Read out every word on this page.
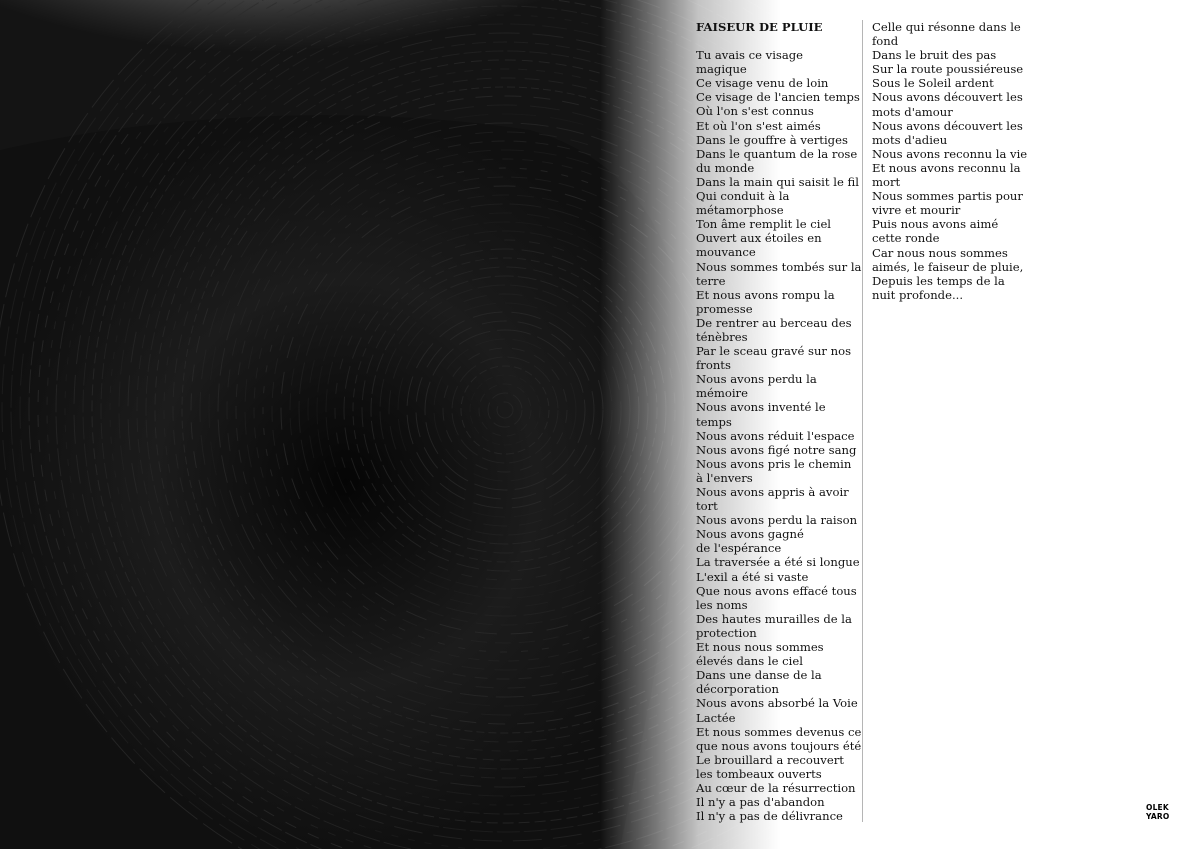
FAISEUR DE PLUIE
Tu avais ce visage
magique
Ce visage venu de loin
Ce visage de l'ancien temps
Où l'on s'est connus
Et où l'on s'est aimés
Dans le gouffre à vertiges
Dans le quantum de la rose
du monde
Dans la main qui saisit le fil
Qui conduit à la
métamorphose
Ton âme remplit le ciel
Ouvert aux étoiles en
mouvance
Nous sommes tombés sur la
terre
Et nous avons rompu la
promesse
De rentrer au berceau des
ténèbres
Par le sceau gravé sur nos
fronts
Nous avons perdu la
mémoire
Nous avons inventé le
temps
Nous avons réduit l'espace
Nous avons figé notre sang
Nous avons pris le chemin
à l'envers
Nous avons appris à avoir
tort
Nous avons perdu la raison
Nous avons gagné
de l'espérance
La traversée a été si longue
L'exil a été si vaste
Que nous avons effacé tous
les noms
Des hautes murailles de la
protection
Et nous nous sommes
élevés dans le ciel
Dans une danse de la
décorporation
Nous avons absorbé la Voie
Lactée
Et nous sommes devenus ce
que nous avons toujours été
Le brouillard a recouvert
les tombeaux ouverts
Au cœur de la résurrection
Il n'y a pas d'abandon
Il n'y a pas de délivrance
Celle qui résonne dans le
fond
Dans le bruit des pas
Sur la route poussiéreuse
Sous le Soleil ardent
Nous avons découvert les
mots d'amour
Nous avons découvert les
mots d'adieu
Nous avons reconnu la vie
Et nous avons reconnu la
mort
Nous sommes partis pour
vivre et mourir
Puis nous avons aimé
cette ronde
Car nous nous sommes
aimés, le faiseur de pluie,
Depuis les temps de la
nuit profonde...
OLEK
YARO
